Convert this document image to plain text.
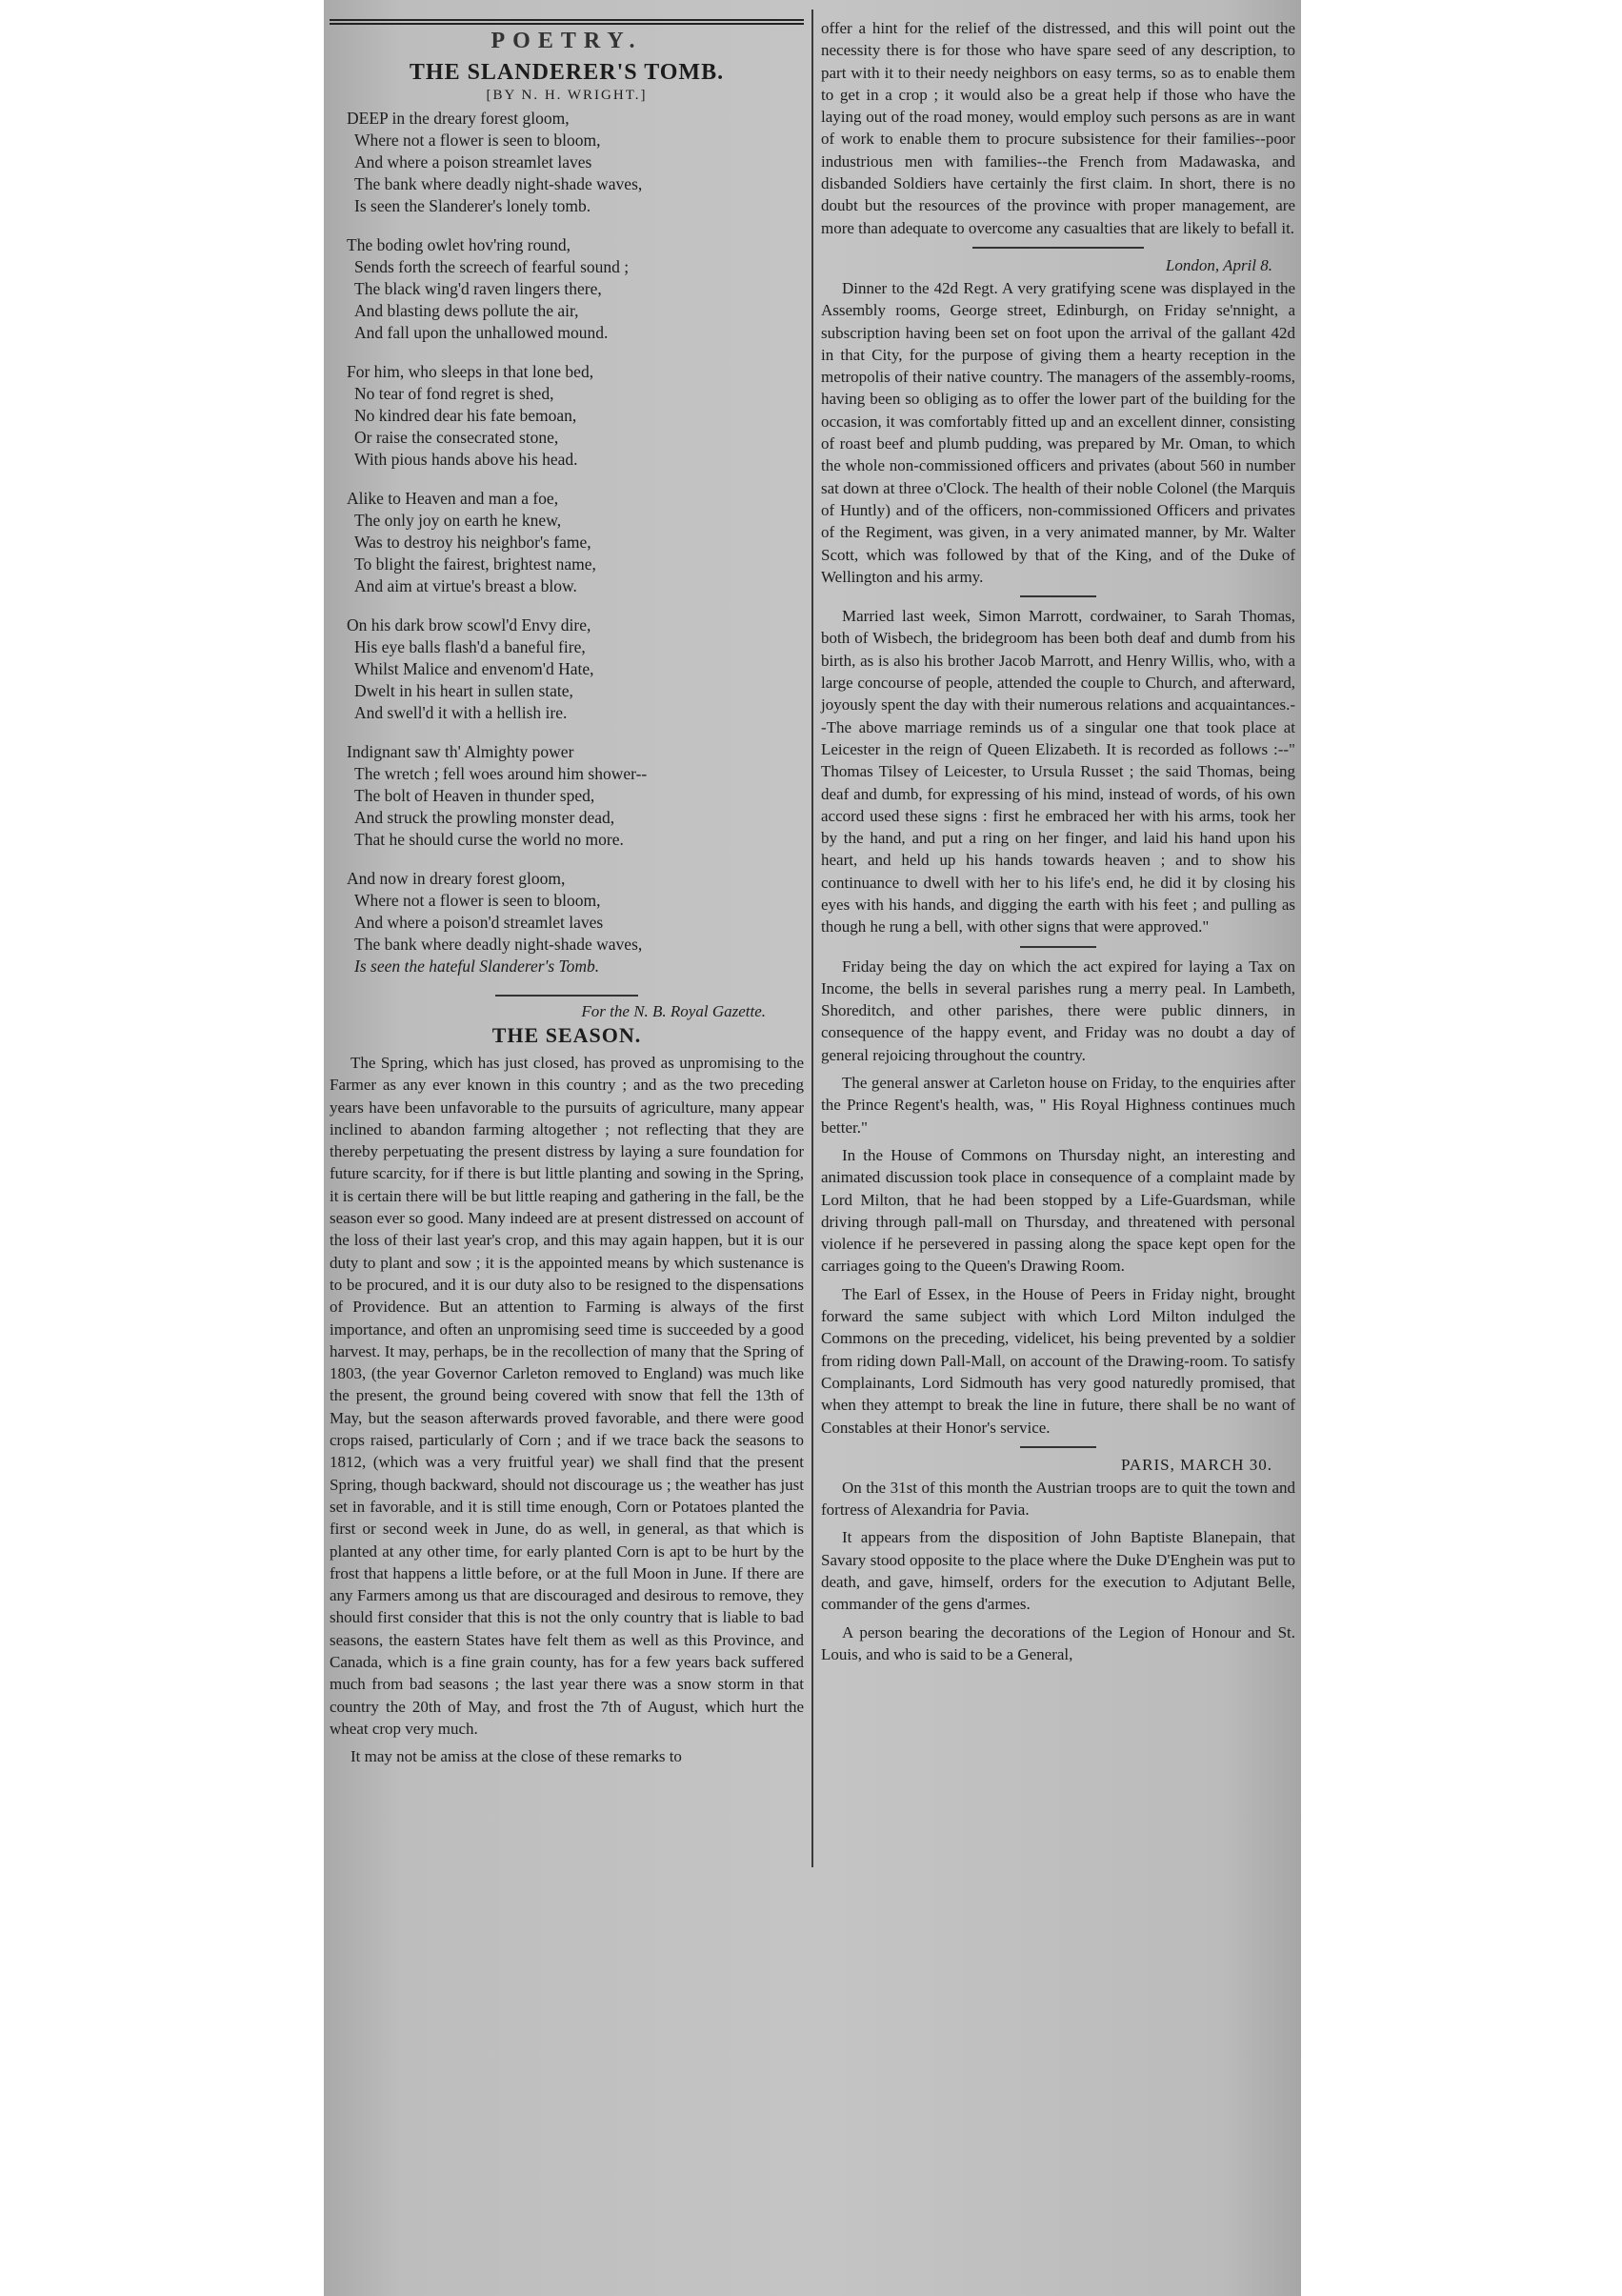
POETRY.
THE SLANDERER'S TOMB.
[BY N. H. WRIGHT.]
DEEP in the dreary forest gloom,
Where not a flower is seen to bloom,
And where a poison streamlet laves
The bank where deadly night-shade waves,
Is seen the Slanderer's lonely tomb.
The boding owlet hov'ring round,
Sends forth the screech of fearful sound ;
The black wing'd raven lingers there,
And blasting dews pollute the air,
And fall upon the unhallowed mound.
For him, who sleeps in that lone bed,
No tear of fond regret is shed,
No kindred dear his fate bemoan,
Or raise the consecrated stone,
With pious hands above his head.
Alike to Heaven and man a foe,
The only joy on earth he knew,
Was to destroy his neighbor's fame,
To blight the fairest, brightest name,
And aim at virtue's breast a blow.
On his dark brow scowl'd Envy dire,
His eye balls flash'd a baneful fire,
Whilst Malice and envenom'd Hate,
Dwelt in his heart in sullen state,
And swell'd it with a hellish ire.
Indignant saw th' Almighty power
The wretch ; fell woes around him shower--
The bolt of Heaven in thunder sped,
And struck the prowling monster dead,
That he should curse the world no more.
And now in dreary forest gloom,
Where not a flower is seen to bloom,
And where a poison'd streamlet laves
The bank where deadly night-shade waves,
Is seen the hateful Slanderer's Tomb.
For the N. B. Royal Gazette.
THE SEASON.

The Spring, which has just closed, has proved as unpromising to the Farmer as any ever known in this country ; and as the two preceding years have been unfavorable to the pursuits of agriculture, many appear inclined to abandon farming altogether ; not reflecting that they are thereby perpetuating the present distress by laying a sure foundation for future scarcity, for if there is but little planting and sowing in the Spring, it is certain there will be but little reaping and gathering in the fall, be the season ever so good. Many indeed are at present distressed on account of the loss of their last year's crop, and this may again happen, but it is our duty to plant and sow ; it is the appointed means by which sustenance is to be procured, and it is our duty also to be resigned to the dispensations of Providence. But an attention to Farming is always of the first importance, and often an unpromising seed time is succeeded by a good harvest. It may, perhaps, be in the recollection of many that the Spring of 1803, (the year Governor Carleton removed to England) was much like the present, the ground being covered with snow that fell the 13th of May, but the season afterwards proved favorable, and there were good crops raised, particularly of Corn ; and if we trace back the seasons to 1812, (which was a very fruitful year) we shall find that the present Spring, though backward, should not discourage us ; the weather has just set in favorable, and it is still time enough, Corn or Potatoes planted the first or second week in June, do as well, in general, as that which is planted at any other time, for early planted Corn is apt to be hurt by the frost that happens a little before, or at the full Moon in June. If there are any Farmers among us that are discouraged and desirous to remove, they should first consider that this is not the only country that is liable to bad seasons, the eastern States have felt them as well as this Province, and Canada, which is a fine grain county, has for a few years back suffered much from bad seasons ; the last year there was a snow storm in that country the 20th of May, and frost the 7th of August, which hurt the wheat crop very much.

It may not be amiss at the close of these remarks to

offer a hint for the relief of the distressed, and this will point out the necessity there is for those who have spare seed of any description, to part with it to their needy neighbors on easy terms, so as to enable them to get in a crop ; it would also be a great help if those who have the laying out of the road money, would employ such persons as are in want of work to enable them to procure subsistence for their families--poor industrious men with families--the French from Madawaska, and disbanded Soldiers have certainly the first claim. In short, there is no doubt but the resources of the province with proper management, are more than adequate to overcome any casualties that are likely to befall it.

London, April 8.

Dinner to the 42d Regt. A very gratifying scene was displayed in the Assembly rooms, George street, Edinburgh, on Friday se'nnight, a subscription having been set on foot upon the arrival of the gallant 42d in that City, for the purpose of giving them a hearty reception in the metropolis of their native country. The managers of the assembly-rooms, having been so obliging as to offer the lower part of the building for the occasion, it was comfortably fitted up and an excellent dinner, consisting of roast beef and plumb pudding, was prepared by Mr. Oman, to which the whole non-commissioned officers and privates (about 560 in number sat down at three o'Clock. The health of their noble Colonel (the Marquis of Huntly) and of the officers, non-commissioned Officers and privates of the Regiment, was given, in a very animated manner, by Mr. Walter Scott, which was followed by that of the King, and of the Duke of Wellington and his army.

Married last week, Simon Marrott, cordwainer, to Sarah Thomas, both of Wisbech, the bridegroom has been both deaf and dumb from his birth, as is also his brother Jacob Marrott, and Henry Willis, who, with a large concourse of people, attended the couple to Church, and afterward, joyously spent the day with their numerous relations and acquaintances.--The above marriage reminds us of a singular one that took place at Leicester in the reign of Queen Elizabeth. It is recorded as follows :--" Thomas Tilsey of Leicester, to Ursula Russet ; the said Thomas, being deaf and dumb, for expressing of his mind, instead of words, of his own accord used these signs : first he embraced her with his arms, took her by the hand, and put a ring on her finger, and laid his hand upon his heart, and held up his hands towards heaven ; and to show his continuance to dwell with her to his life's end, he did it by closing his eyes with his hands, and digging the earth with his feet ; and pulling as though he rung a bell, with other signs that were approved."

Friday being the day on which the act expired for laying a Tax on Income, the bells in several parishes rung a merry peal. In Lambeth, Shoreditch, and other parishes, there were public dinners, in consequence of the happy event, and Friday was no doubt a day of general rejoicing throughout the country.

The general answer at Carleton house on Friday, to the enquiries after the Prince Regent's health, was, " His Royal Highness continues much better."

In the House of Commons on Thursday night, an interesting and animated discussion took place in consequence of a complaint made by Lord Milton, that he had been stopped by a Life-Guardsman, while driving through pall-mall on Thursday, and threatened with personal violence if he persevered in passing along the space kept open for the carriages going to the Queen's Drawing Room.

The Earl of Essex, in the House of Peers in Friday night, brought forward the same subject with which Lord Milton indulged the Commons on the preceding, videlicet, his being prevented by a soldier from riding down Pall-Mall, on account of the Drawing-room. To satisfy Complainants, Lord Sidmouth has very good naturedly promised, that when they attempt to break the line in future, there shall be no want of Constables at their Honor's service.

PARIS, MARCH 30.

On the 31st of this month the Austrian troops are to quit the town and fortress of Alexandria for Pavia.

It appears from the disposition of John Baptiste Blanepain, that Savary stood opposite to the place where the Duke D'Enghein was put to death, and gave, himself, orders for the execution to Adjutant Belle, commander of the gens d'armes.

A person bearing the decorations of the Legion of Honour and St. Louis, and who is said to be a General,
